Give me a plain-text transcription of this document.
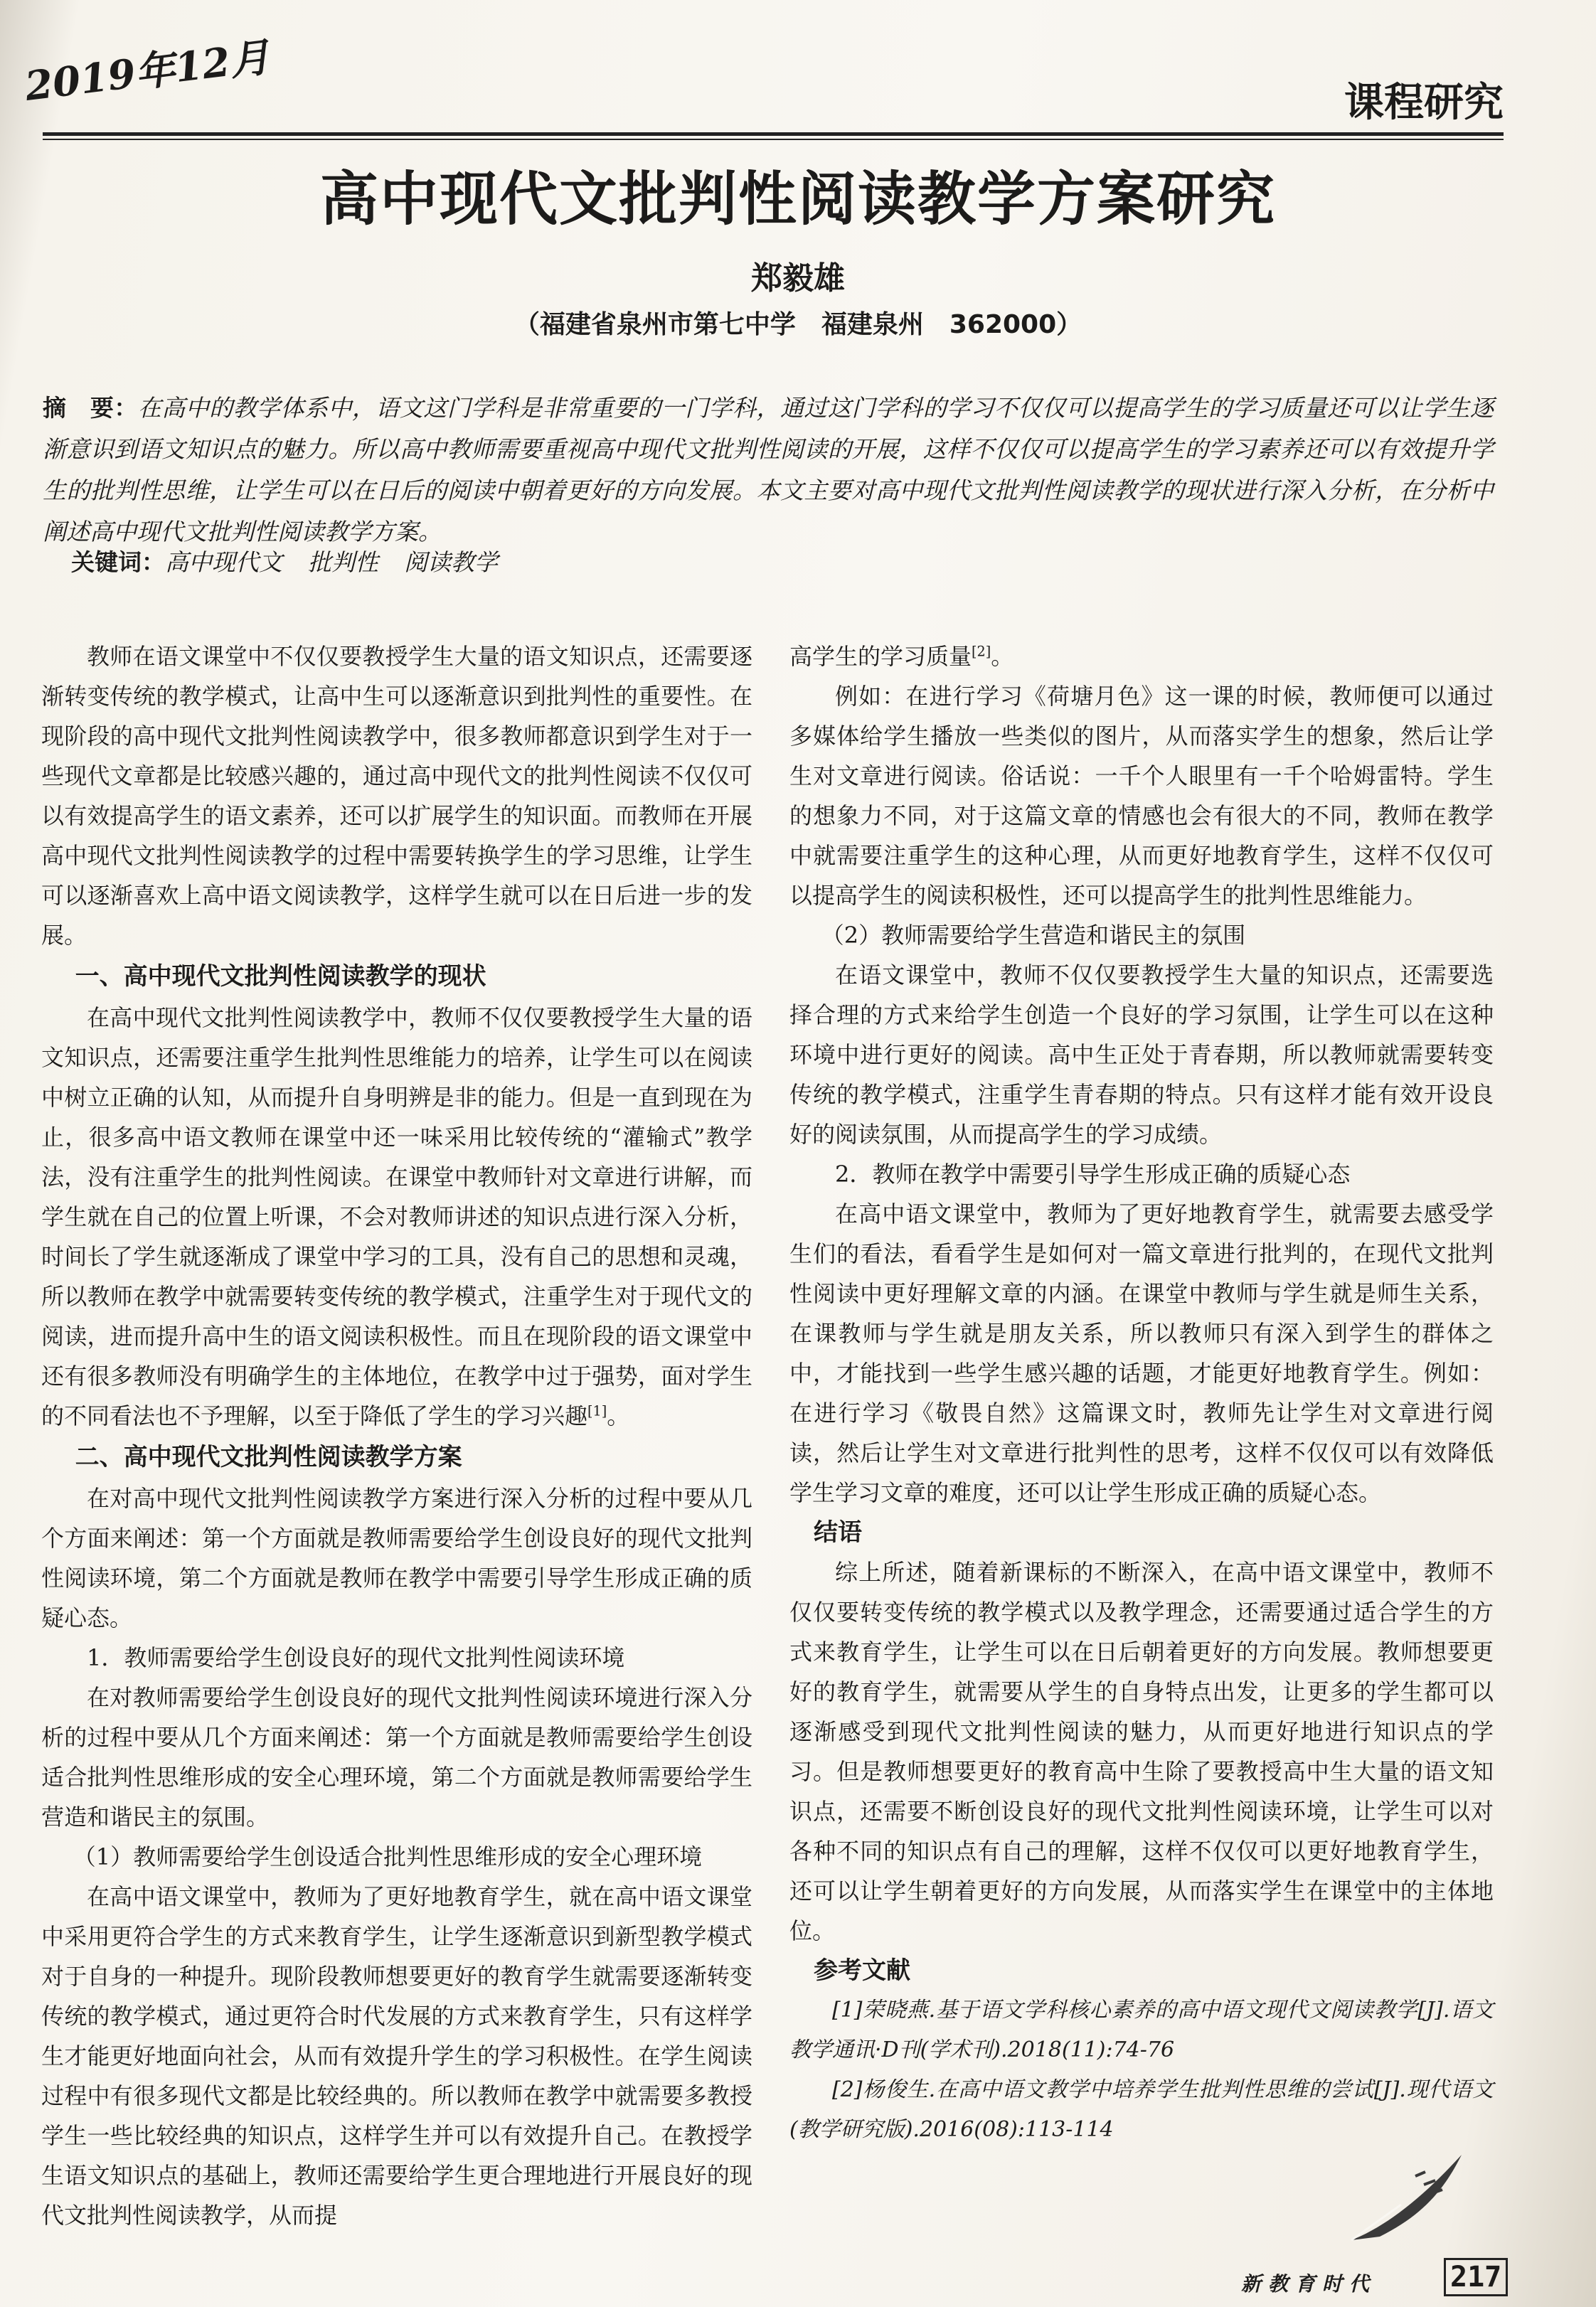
2019年12月	课程研究
高中现代文批判性阅读教学方案研究
郑毅雄
（福建省泉州市第七中学　福建泉州　362000）
摘　要：在高中的教学体系中，语文这门学科是非常重要的一门学科，通过这门学科的学习不仅仅可以提高学生的学习质量还可以让学生逐渐意识到语文知识点的魅力。所以高中教师需要重视高中现代文批判性阅读的开展，这样不仅仅可以提高学生的学习素养还可以有效提升学生的批判性思维，让学生可以在日后的阅读中朝着更好的方向发展。本文主要对高中现代文批判性阅读教学的现状进行深入分析，在分析中阐述高中现代文批判性阅读教学方案。
关键词：高中现代文 批判性 阅读教学

教师在语文课堂中不仅仅要教授学生大量的语文知识点，还需要逐渐转变传统的教学模式，让高中生可以逐渐意识到批判性的重要性。在现阶段的高中现代文批判性阅读教学中，很多教师都意识到学生对于一些现代文章都是比较感兴趣的，通过高中现代文的批判性阅读不仅仅可以有效提高学生的语文素养，还可以扩展学生的知识面。而教师在开展高中现代文批判性阅读教学的过程中需要转换学生的学习思维，让学生可以逐渐喜欢上高中语文阅读教学，这样学生就可以在日后进一步的发展。

一、高中现代文批判性阅读教学的现状

在高中现代文批判性阅读教学中，教师不仅仅要教授学生大量的语文知识点，还需要注重学生批判性思维能力的培养，让学生可以在阅读中树立正确的认知，从而提升自身明辨是非的能力。但是一直到现在为止，很多高中语文教师在课堂中还一味采用比较传统的“灌输式”教学法，没有注重学生的批判性阅读。在课堂中教师针对文章进行讲解，而学生就在自己的位置上听课，不会对教师讲述的知识点进行深入分析，时间长了学生就逐渐成了课堂中学习的工具，没有自己的思想和灵魂，所以教师在教学中就需要转变传统的教学模式，注重学生对于现代文的阅读，进而提升高中生的语文阅读积极性。而且在现阶段的语文课堂中还有很多教师没有明确学生的主体地位，在教学中过于强势，面对学生的不同看法也不予理解，以至于降低了学生的学习兴趣[1]。

二、高中现代文批判性阅读教学方案

在对高中现代文批判性阅读教学方案进行深入分析的过程中要从几个方面来阐述：第一个方面就是教师需要给学生创设良好的现代文批判性阅读环境，第二个方面就是教师在教学中需要引导学生形成正确的质疑心态。

1．教师需要给学生创设良好的现代文批判性阅读环境

在对教师需要给学生创设良好的现代文批判性阅读环境进行深入分析的过程中要从几个方面来阐述：第一个方面就是教师需要给学生创设适合批判性思维形成的安全心理环境，第二个方面就是教师需要给学生营造和谐民主的氛围。

（1）教师需要给学生创设适合批判性思维形成的安全心理环境

在高中语文课堂中，教师为了更好地教育学生，就在高中语文课堂中采用更符合学生的方式来教育学生，让学生逐渐意识到新型教学模式对于自身的一种提升。现阶段教师想要更好的教育学生就需要逐渐转变传统的教学模式，通过更符合时代发展的方式来教育学生，只有这样学生才能更好地面向社会，从而有效提升学生的学习积极性。在学生阅读过程中有很多现代文都是比较经典的。所以教师在教学中就需要多教授学生一些比较经典的知识点，这样学生并可以有效提升自己。在教授学生语文知识点的基础上，教师还需要给学生更合理地进行开展良好的现代文批判性阅读教学，从而提

高学生的学习质量[2]。

例如：在进行学习《荷塘月色》这一课的时候，教师便可以通过多媒体给学生播放一些类似的图片，从而落实学生的想象，然后让学生对文章进行阅读。俗话说：一千个人眼里有一千个哈姆雷特。学生的想象力不同，对于这篇文章的情感也会有很大的不同，教师在教学中就需要注重学生的这种心理，从而更好地教育学生，这样不仅仅可以提高学生的阅读积极性，还可以提高学生的批判性思维能力。

（2）教师需要给学生营造和谐民主的氛围

在语文课堂中，教师不仅仅要教授学生大量的知识点，还需要选择合理的方式来给学生创造一个良好的学习氛围，让学生可以在这种环境中进行更好的阅读。高中生正处于青春期，所以教师就需要转变传统的教学模式，注重学生青春期的特点。只有这样才能有效开设良好的阅读氛围，从而提高学生的学习成绩。

2．教师在教学中需要引导学生形成正确的质疑心态

在高中语文课堂中，教师为了更好地教育学生，就需要去感受学生们的看法，看看学生是如何对一篇文章进行批判的，在现代文批判性阅读中更好理解文章的内涵。在课堂中教师与学生就是师生关系，在课教师与学生就是朋友关系，所以教师只有深入到学生的群体之中，才能找到一些学生感兴趣的话题，才能更好地教育学生。例如：在进行学习《敬畏自然》这篇课文时，教师先让学生对文章进行阅读，然后让学生对文章进行批判性的思考，这样不仅仅可以有效降低学生学习文章的难度，还可以让学生形成正确的质疑心态。

结语

综上所述，随着新课标的不断深入，在高中语文课堂中，教师不仅仅要转变传统的教学模式以及教学理念，还需要通过适合学生的方式来教育学生，让学生可以在日后朝着更好的方向发展。教师想要更好的教育学生，就需要从学生的自身特点出发，让更多的学生都可以逐渐感受到现代文批判性阅读的魅力，从而更好地进行知识点的学习。但是教师想要更好的教育高中生除了要教授高中生大量的语文知识点，还需要不断创设良好的现代文批判性阅读环境，让学生可以对各种不同的知识点有自己的理解，这样不仅仅可以更好地教育学生，还可以让学生朝着更好的方向发展，从而落实学生在课堂中的主体地位。

参考文献

[1]荣晓燕.基于语文学科核心素养的高中语文现代文阅读教学[J].语文教学通讯·D刊(学术刊).2018(11):74-76

[2]杨俊生.在高中语文教学中培养学生批判性思维的尝试[J].现代语文(教学研究版).2016(08):113-114

新教育时代	217
